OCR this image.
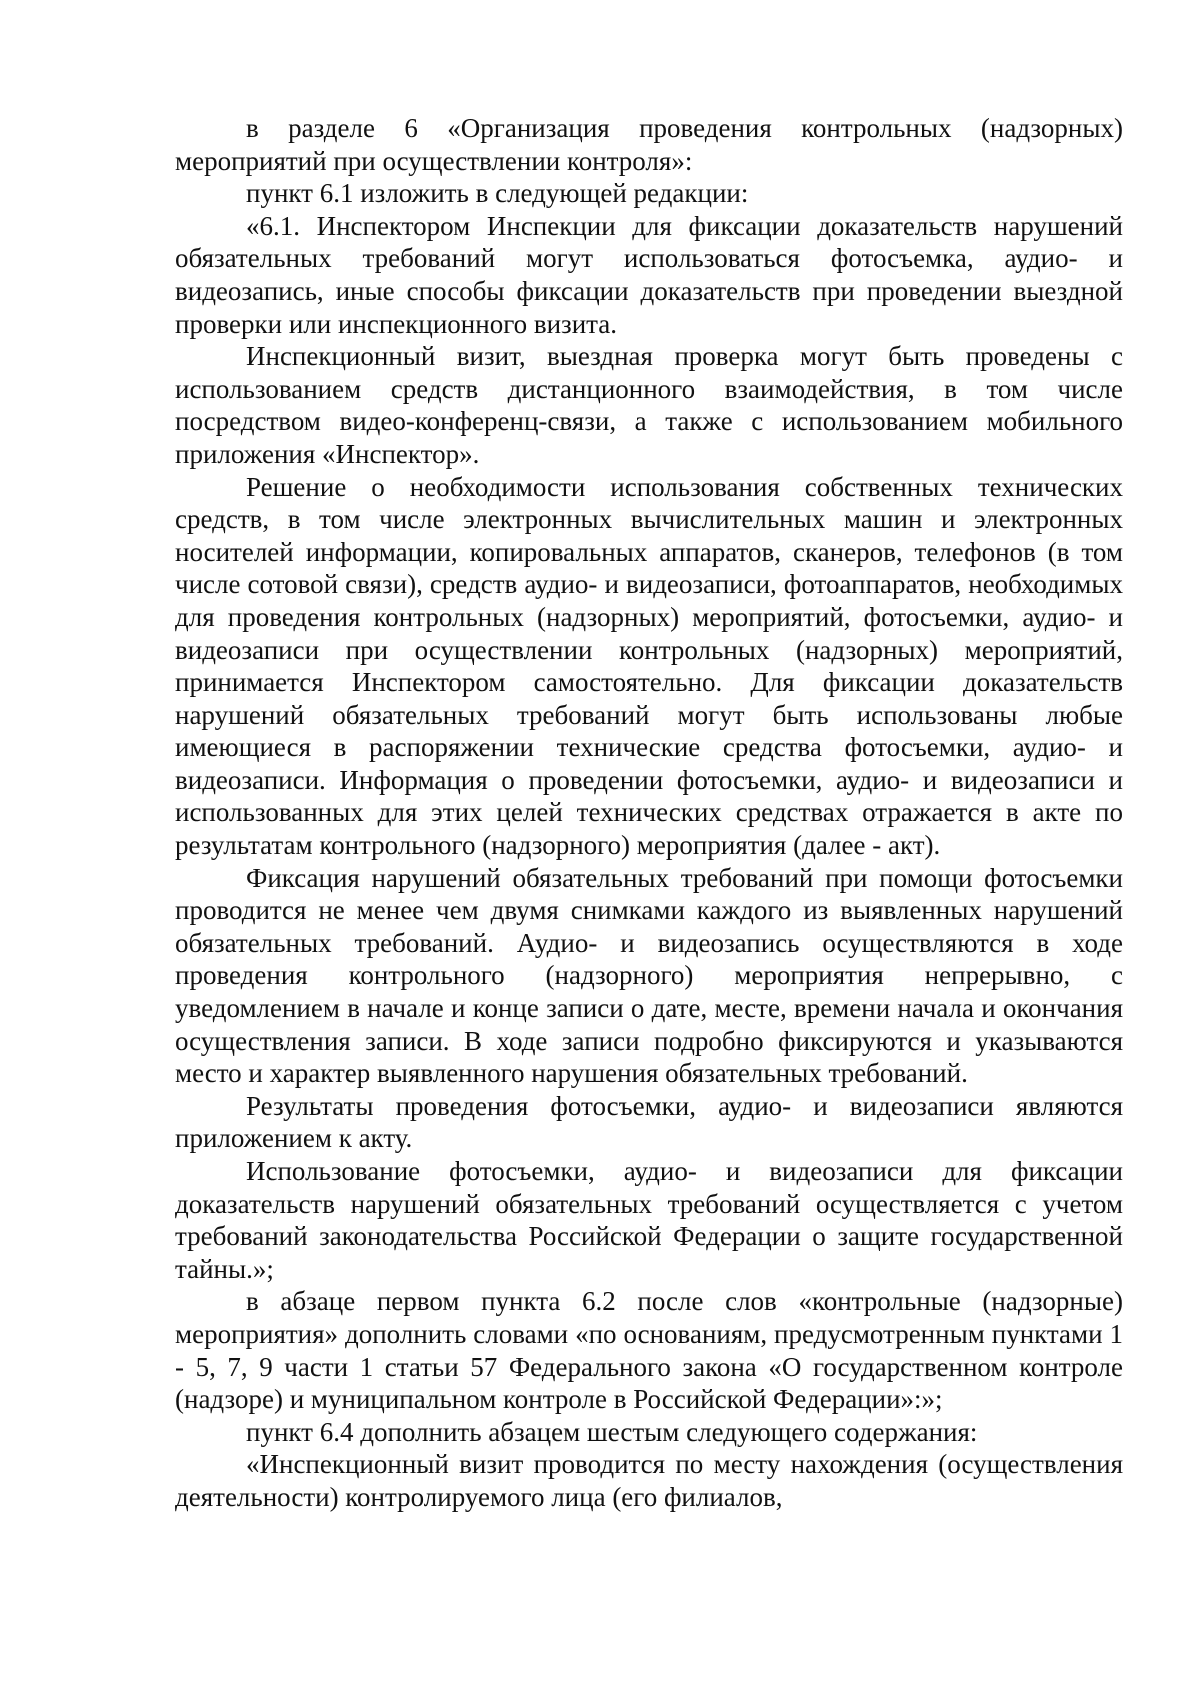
в разделе 6 «Организация проведения контрольных (надзорных) мероприятий при осуществлении контроля»:

пункт 6.1 изложить в следующей редакции:

«6.1. Инспектором Инспекции для фиксации доказательств нарушений обязательных требований могут использоваться фотосъемка, аудио- и видеозапись, иные способы фиксации доказательств при проведении выездной проверки или инспекционного визита.

Инспекционный визит, выездная проверка могут быть проведены с использованием средств дистанционного взаимодействия, в том числе посредством видео-конференц-связи, а также с использованием мобильного приложения «Инспектор».

Решение о необходимости использования собственных технических средств, в том числе электронных вычислительных машин и электронных носителей информации, копировальных аппаратов, сканеров, телефонов (в том числе сотовой связи), средств аудио- и видеозаписи, фотоаппаратов, необходимых для проведения контрольных (надзорных) мероприятий, фотосъемки, аудио- и видеозаписи при осуществлении контрольных (надзорных) мероприятий, принимается Инспектором самостоятельно. Для фиксации доказательств нарушений обязательных требований могут быть использованы любые имеющиеся в распоряжении технические средства фотосъемки, аудио- и видеозаписи. Информация о проведении фотосъемки, аудио- и видеозаписи и использованных для этих целей технических средствах отражается в акте по результатам контрольного (надзорного) мероприятия (далее - акт).

Фиксация нарушений обязательных требований при помощи фотосъемки проводится не менее чем двумя снимками каждого из выявленных нарушений обязательных требований. Аудио- и видеозапись осуществляются в ходе проведения контрольного (надзорного) мероприятия непрерывно, с уведомлением в начале и конце записи о дате, месте, времени начала и окончания осуществления записи. В ходе записи подробно фиксируются и указываются место и характер выявленного нарушения обязательных требований.

Результаты проведения фотосъемки, аудио- и видеозаписи являются приложением к акту.

Использование фотосъемки, аудио- и видеозаписи для фиксации доказательств нарушений обязательных требований осуществляется с учетом требований законодательства Российской Федерации о защите государственной тайны.»;

в абзаце первом пункта 6.2 после слов «контрольные (надзорные) мероприятия» дополнить словами «по основаниям, предусмотренным пунктами 1 - 5, 7, 9 части 1 статьи 57 Федерального закона «О государственном контроле (надзоре) и муниципальном контроле в Российской Федерации»:»;

пункт 6.4 дополнить абзацем шестым следующего содержания:

«Инспекционный визит проводится по месту нахождения (осуществления деятельности) контролируемого лица (его филиалов,
